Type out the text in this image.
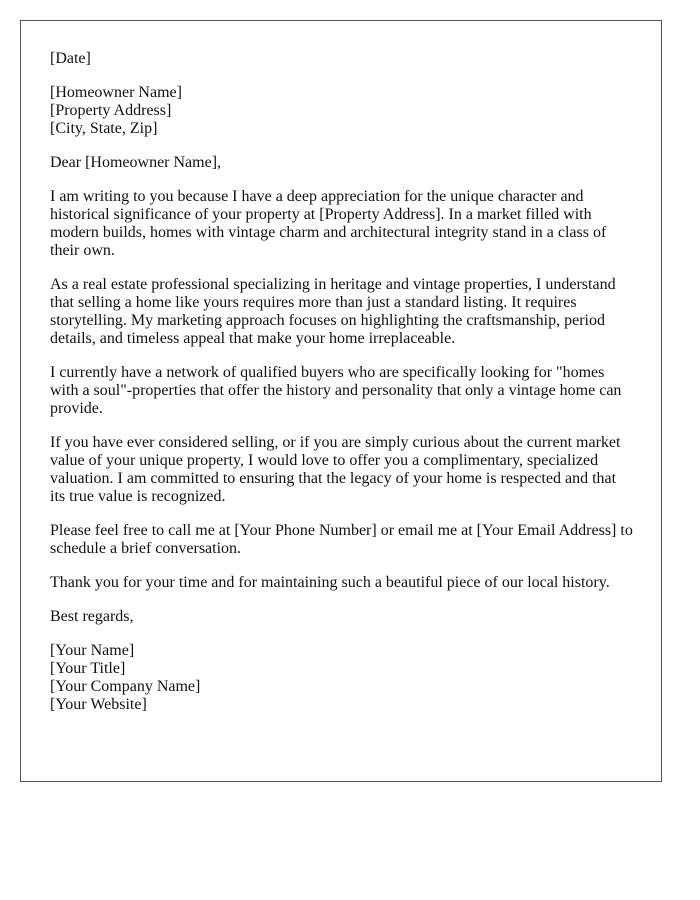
[Date]
[Homeowner Name]
[Property Address]
[City, State, Zip]
Dear [Homeowner Name],
I am writing to you because I have a deep appreciation for the unique character and
historical significance of your property at [Property Address]. In a market filled with
modern builds, homes with vintage charm and architectural integrity stand in a class of
their own.
As a real estate professional specializing in heritage and vintage properties, I understand
that selling a home like yours requires more than just a standard listing. It requires
storytelling. My marketing approach focuses on highlighting the craftsmanship, period
details, and timeless appeal that make your home irreplaceable.
I currently have a network of qualified buyers who are specifically looking for "homes
with a soul"-properties that offer the history and personality that only a vintage home can
provide.
If you have ever considered selling, or if you are simply curious about the current market
value of your unique property, I would love to offer you a complimentary, specialized
valuation. I am committed to ensuring that the legacy of your home is respected and that
its true value is recognized.
Please feel free to call me at [Your Phone Number] or email me at [Your Email Address] to
schedule a brief conversation.
Thank you for your time and for maintaining such a beautiful piece of our local history.
Best regards,
[Your Name]
[Your Title]
[Your Company Name]
[Your Website]
